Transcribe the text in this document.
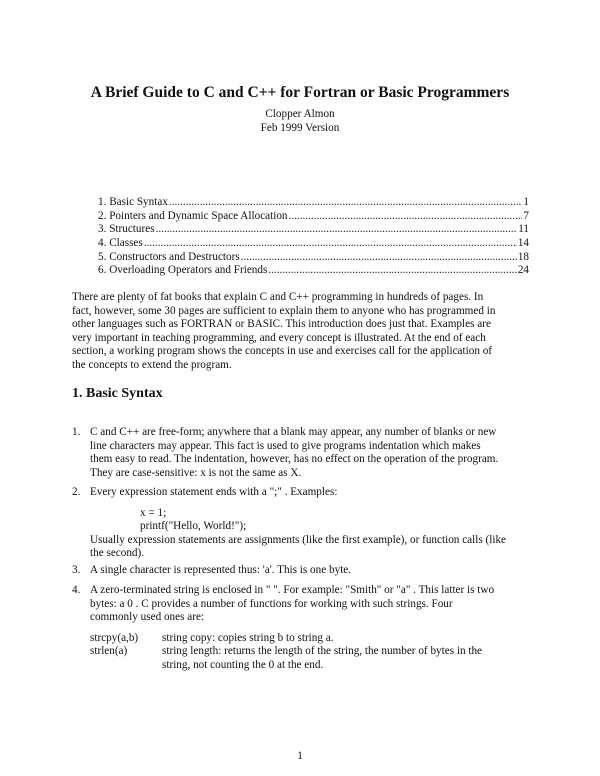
A Brief Guide to C and C++ for Fortran or Basic Programmers
Clopper Almon
Feb 1999 Version
1. Basic Syntax .....	1
2. Pointers and Dynamic Space Allocation .....	7
3. Structures .....	11
4. Classes .....	14
5. Constructors and Destructors .....	18
6. Overloading Operators and Friends .....	24
There are plenty of fat books that explain C and C++ programming in hundreds of pages. In
fact, however, some 30 pages are sufficient to explain them to anyone who has programmed in
other languages such as FORTRAN or BASIC. This introduction does just that. Examples are
very important in teaching programming, and every concept is illustrated. At the end of each
section, a working program shows the concepts in use and exercises call for the application of
the concepts to extend the program.
1. Basic Syntax
1. C and C++ are free-form; anywhere that a blank may appear, any number of blanks or new
line characters may appear. This fact is used to give programs indentation which makes
them easy to read. The indentation, however, has no effect on the operation of the program.
They are case-sensitive: x is not the same as X.
2. Every expression statement ends with a ";" . Examples:
x = 1;
printf("Hello, World!");
Usually expression statements are assignments (like the first example), or function calls (like
the second).
3. A single character is represented thus: 'a'. This is one byte.
4. A zero-terminated string is enclosed in " ". For example: "Smith" or "a" . This latter is two
bytes: a 0 . C provides a number of functions for working with such strings. Four
commonly used ones are:
strcpy(a,b)	string copy: copies string b to string a.
strlen(a)	string length: returns the length of the string, the number of bytes in the
string, not counting the 0 at the end.
1
